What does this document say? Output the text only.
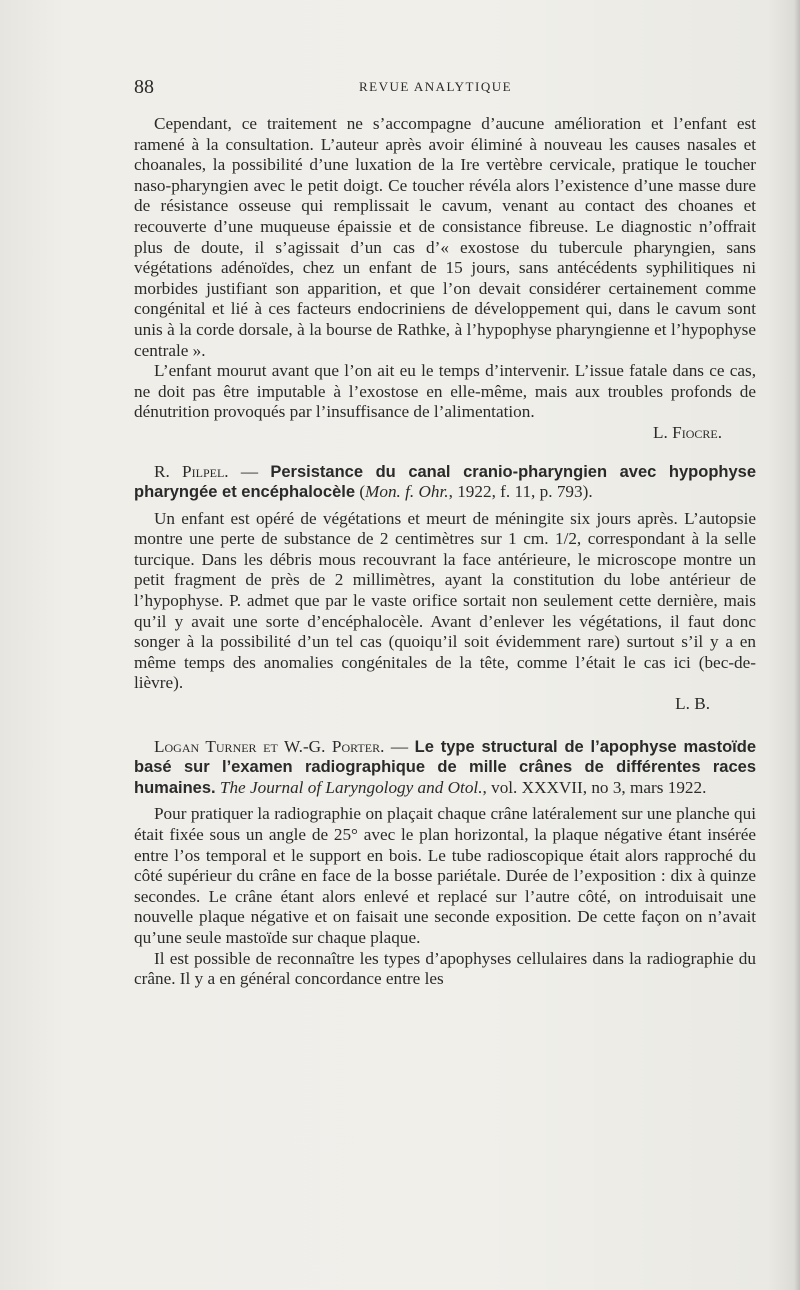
88	REVUE ANALYTIQUE

Cependant, ce traitement ne s’accompagne d’aucune amélioration et l’enfant est ramené à la consultation. L’auteur après avoir éliminé à nouveau les causes nasales et choanales, la possibilité d’une luxation de la Ire vertèbre cervicale, pratique le toucher naso-pharyngien avec le petit doigt. Ce toucher révéla alors l’existence d’une masse dure de résistance osseuse qui remplissait le cavum, venant au contact des choanes et recouverte d’une muqueuse épaissie et de consistance fibreuse. Le diagnostic n’offrait plus de doute, il s’agissait d’un cas d’« exostose du tubercule pharyngien, sans végétations adénoïdes, chez un enfant de 15 jours, sans antécédents syphilitiques ni morbides justifiant son apparition, et que l’on devait considérer certainement comme congénital et lié à ces facteurs endocriniens de développement qui, dans le cavum sont unis à la corde dorsale, à la bourse de Rathke, à l’hypophyse pharyngienne et l’hypophyse centrale ».

L’enfant mourut avant que l’on ait eu le temps d’intervenir. L’issue fatale dans ce cas, ne doit pas être imputable à l’exostose en elle-même, mais aux troubles profonds de dénutrition provoqués par l’insuffisance de l’alimentation.

L. Fiocre.

R. Pilpel. — Persistance du canal cranio-pharyngien avec hypophyse pharyngée et encéphalocèle (Mon. f. Ohr., 1922, f. 11, p. 793).

Un enfant est opéré de végétations et meurt de méningite six jours après. L’autopsie montre une perte de substance de 2 centimètres sur 1 cm. 1/2, correspondant à la selle turcique. Dans les débris mous recouvrant la face antérieure, le microscope montre un petit fragment de près de 2 millimètres, ayant la constitution du lobe antérieur de l’hypophyse. P. admet que par le vaste orifice sortait non seulement cette dernière, mais qu’il y avait une sorte d’encéphalocèle. Avant d’enlever les végétations, il faut donc songer à la possibilité d’un tel cas (quoiqu’il soit évidemment rare) surtout s’il y a en même temps des anomalies congénitales de la tête, comme l’était le cas ici (bec-de-lièvre).

L. B.

Logan Turner et W.-G. Porter. — Le type structural de l’apophyse mastoïde basé sur l’examen radiographique de mille crânes de différentes races humaines. The Journal of Laryngology and Otol., vol. XXXVII, no 3, mars 1922.

Pour pratiquer la radiographie on plaçait chaque crâne latéralement sur une planche qui était fixée sous un angle de 25° avec le plan horizontal, la plaque négative étant insérée entre l’os temporal et le support en bois. Le tube radioscopique était alors rapproché du côté supérieur du crâne en face de la bosse pariétale. Durée de l’exposition : dix à quinze secondes. Le crâne étant alors enlevé et replacé sur l’autre côté, on introduisait une nouvelle plaque négative et on faisait une seconde exposition. De cette façon on n’avait qu’une seule mastoïde sur chaque plaque.

Il est possible de reconnaître les types d’apophyses cellulaires dans la radiographie du crâne. Il y a en général concordance entre les
